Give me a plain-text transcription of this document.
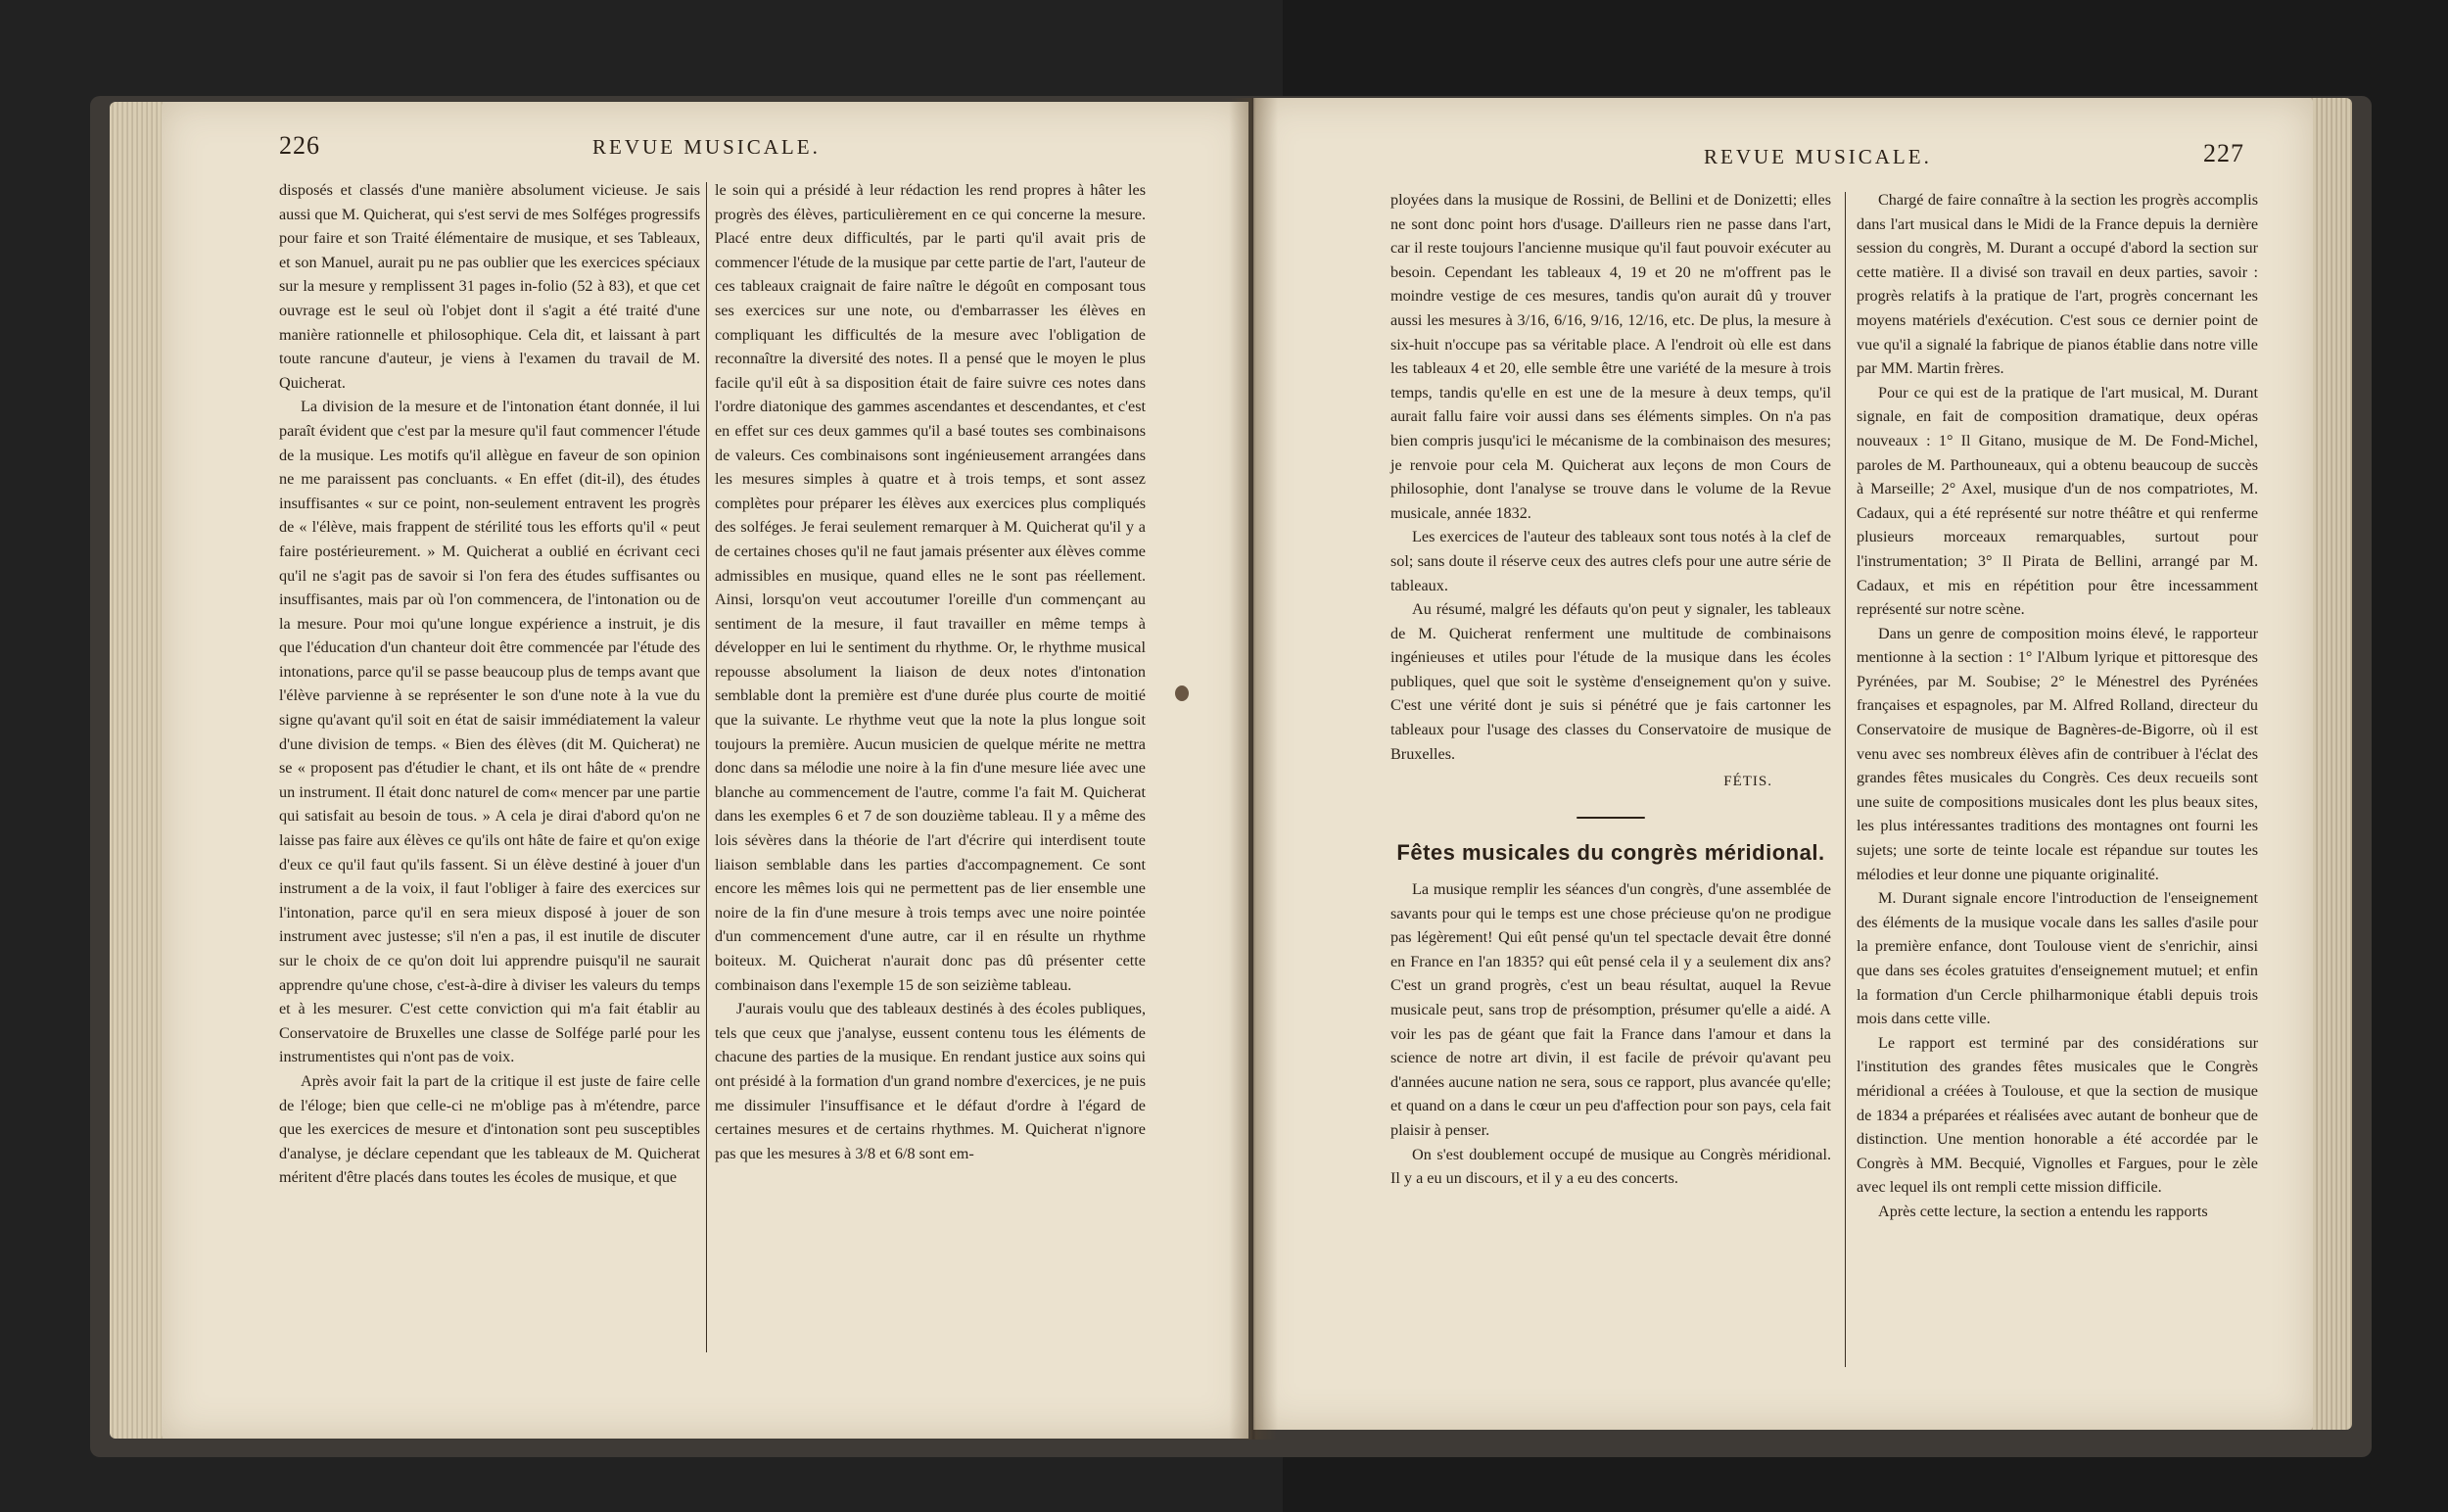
226	REVUE MUSICALE.

disposés et classés d'une manière absolument vicieuse. Je sais aussi que M. Quicherat, qui s'est servi de mes Solféges progressifs pour faire et son Traité élémentaire de musique, et ses Tableaux, et son Manuel, aurait pu ne pas oublier que les exercices spéciaux sur la mesure y remplissent 31 pages in-folio (52 à 83), et que cet ouvrage est le seul où l'objet dont il s'agit a été traité d'une manière rationnelle et philosophique. Cela dit, et laissant à part toute rancune d'auteur, je viens à l'examen du travail de M. Quicherat.

La division de la mesure et de l'intonation étant donnée, il lui paraît évident que c'est par la mesure qu'il faut commencer l'étude de la musique. Les motifs qu'il allègue en faveur de son opinion ne me paraissent pas concluants. « En effet (dit-il), des études insuffisantes « sur ce point, non-seulement entravent les progrès de « l'élève, mais frappent de stérilité tous les efforts qu'il « peut faire postérieurement. » M. Quicherat a oublié en écrivant ceci qu'il ne s'agit pas de savoir si l'on fera des études suffisantes ou insuffisantes, mais par où l'on commencera, de l'intonation ou de la mesure. Pour moi qu'une longue expérience a instruit, je dis que l'éducation d'un chanteur doit être commencée par l'étude des intonations, parce qu'il se passe beaucoup plus de temps avant que l'élève parvienne à se représenter le son d'une note à la vue du signe qu'avant qu'il soit en état de saisir immédiatement la valeur d'une division de temps. « Bien des élèves (dit M. Quicherat) ne se « proposent pas d'étudier le chant, et ils ont hâte de « prendre un instrument. Il était donc naturel de com« mencer par une partie qui satisfait au besoin de tous. » A cela je dirai d'abord qu'on ne laisse pas faire aux élèves ce qu'ils ont hâte de faire et qu'on exige d'eux ce qu'il faut qu'ils fassent. Si un élève destiné à jouer d'un instrument a de la voix, il faut l'obliger à faire des exercices sur l'intonation, parce qu'il en sera mieux disposé à jouer de son instrument avec justesse; s'il n'en a pas, il est inutile de discuter sur le choix de ce qu'on doit lui apprendre puisqu'il ne saurait apprendre qu'une chose, c'est-à-dire à diviser les valeurs du temps et à les mesurer. C'est cette conviction qui m'a fait établir au Conservatoire de Bruxelles une classe de Solfége parlé pour les instrumentistes qui n'ont pas de voix.

Après avoir fait la part de la critique il est juste de faire celle de l'éloge; bien que celle-ci ne m'oblige pas à m'étendre, parce que les exercices de mesure et d'intonation sont peu susceptibles d'analyse, je déclare cependant que les tableaux de M. Quicherat méritent d'être placés dans toutes les écoles de musique, et que

le soin qui a présidé à leur rédaction les rend propres à hâter les progrès des élèves, particulièrement en ce qui concerne la mesure. Placé entre deux difficultés, par le parti qu'il avait pris de commencer l'étude de la musique par cette partie de l'art, l'auteur de ces tableaux craignait de faire naître le dégoût en composant tous ses exercices sur une note, ou d'embarrasser les élèves en compliquant les difficultés de la mesure avec l'obligation de reconnaître la diversité des notes. Il a pensé que le moyen le plus facile qu'il eût à sa disposition était de faire suivre ces notes dans l'ordre diatonique des gammes ascendantes et descendantes, et c'est en effet sur ces deux gammes qu'il a basé toutes ses combinaisons de valeurs. Ces combinaisons sont ingénieusement arrangées dans les mesures simples à quatre et à trois temps, et sont assez complètes pour préparer les élèves aux exercices plus compliqués des solféges. Je ferai seulement remarquer à M. Quicherat qu'il y a de certaines choses qu'il ne faut jamais présenter aux élèves comme admissibles en musique, quand elles ne le sont pas réellement. Ainsi, lorsqu'on veut accoutumer l'oreille d'un commençant au sentiment de la mesure, il faut travailler en même temps à développer en lui le sentiment du rhythme. Or, le rhythme musical repousse absolument la liaison de deux notes d'intonation semblable dont la première est d'une durée plus courte de moitié que la suivante. Le rhythme veut que la note la plus longue soit toujours la première. Aucun musicien de quelque mérite ne mettra donc dans sa mélodie une noire à la fin d'une mesure liée avec une blanche au commencement de l'autre, comme l'a fait M. Quicherat dans les exemples 6 et 7 de son douzième tableau. Il y a même des lois sévères dans la théorie de l'art d'écrire qui interdisent toute liaison semblable dans les parties d'accompagnement. Ce sont encore les mêmes lois qui ne permettent pas de lier ensemble une noire de la fin d'une mesure à trois temps avec une noire pointée d'un commencement d'une autre, car il en résulte un rhythme boiteux. M. Quicherat n'aurait donc pas dû présenter cette combinaison dans l'exemple 15 de son seizième tableau.

J'aurais voulu que des tableaux destinés à des écoles publiques, tels que ceux que j'analyse, eussent contenu tous les éléments de chacune des parties de la musique. En rendant justice aux soins qui ont présidé à la formation d'un grand nombre d'exercices, je ne puis me dissimuler l'insuffisance et le défaut d'ordre à l'égard de certaines mesures et de certains rhythmes. M. Quicherat n'ignore pas que les mesures à 3/8 et 6/8 sont em-

REVUE MUSICALE.	227

ployées dans la musique de Rossini, de Bellini et de Donizetti; elles ne sont donc point hors d'usage. D'ailleurs rien ne passe dans l'art, car il reste toujours l'ancienne musique qu'il faut pouvoir exécuter au besoin. Cependant les tableaux 4, 19 et 20 ne m'offrent pas le moindre vestige de ces mesures, tandis qu'on aurait dû y trouver aussi les mesures à 3/16, 6/16, 9/16, 12/16, etc. De plus, la mesure à six-huit n'occupe pas sa véritable place. A l'endroit où elle est dans les tableaux 4 et 20, elle semble être une variété de la mesure à trois temps, tandis qu'elle en est une de la mesure à deux temps, qu'il aurait fallu faire voir aussi dans ses éléments simples. On n'a pas bien compris jusqu'ici le mécanisme de la combinaison des mesures; je renvoie pour cela M. Quicherat aux leçons de mon Cours de philosophie, dont l'analyse se trouve dans le volume de la Revue musicale, année 1832.

Les exercices de l'auteur des tableaux sont tous notés à la clef de sol; sans doute il réserve ceux des autres clefs pour une autre série de tableaux.

Au résumé, malgré les défauts qu'on peut y signaler, les tableaux de M. Quicherat renferment une multitude de combinaisons ingénieuses et utiles pour l'étude de la musique dans les écoles publiques, quel que soit le système d'enseignement qu'on y suive. C'est une vérité dont je suis si pénétré que je fais cartonner les tableaux pour l'usage des classes du Conservatoire de musique de Bruxelles.

FÉTIS.
Fêtes musicales du congrès méridional.

La musique remplir les séances d'un congrès, d'une assemblée de savants pour qui le temps est une chose précieuse qu'on ne prodigue pas légèrement! Qui eût pensé qu'un tel spectacle devait être donné en France en l'an 1835? qui eût pensé cela il y a seulement dix ans? C'est un grand progrès, c'est un beau résultat, auquel la Revue musicale peut, sans trop de présomption, présumer qu'elle a aidé. A voir les pas de géant que fait la France dans l'amour et dans la science de notre art divin, il est facile de prévoir qu'avant peu d'années aucune nation ne sera, sous ce rapport, plus avancée qu'elle; et quand on a dans le cœur un peu d'affection pour son pays, cela fait plaisir à penser.

On s'est doublement occupé de musique au Congrès méridional. Il y a eu un discours, et il y a eu des concerts.

Chargé de faire connaître à la section les progrès accomplis dans l'art musical dans le Midi de la France depuis la dernière session du congrès, M. Durant a occupé d'abord la section sur cette matière. Il a divisé son travail en deux parties, savoir : progrès relatifs à la pratique de l'art, progrès concernant les moyens matériels d'exécution. C'est sous ce dernier point de vue qu'il a signalé la fabrique de pianos établie dans notre ville par MM. Martin frères.

Pour ce qui est de la pratique de l'art musical, M. Durant signale, en fait de composition dramatique, deux opéras nouveaux : 1° Il Gitano, musique de M. De Fond-Michel, paroles de M. Parthouneaux, qui a obtenu beaucoup de succès à Marseille; 2° Axel, musique d'un de nos compatriotes, M. Cadaux, qui a été représenté sur notre théâtre et qui renferme plusieurs morceaux remarquables, surtout pour l'instrumentation; 3° Il Pirata de Bellini, arrangé par M. Cadaux, et mis en répétition pour être incessamment représenté sur notre scène.

Dans un genre de composition moins élevé, le rapporteur mentionne à la section : 1° l'Album lyrique et pittoresque des Pyrénées, par M. Soubise; 2° le Ménestrel des Pyrénées françaises et espagnoles, par M. Alfred Rolland, directeur du Conservatoire de musique de Bagnères-de-Bigorre, où il est venu avec ses nombreux élèves afin de contribuer à l'éclat des grandes fêtes musicales du Congrès. Ces deux recueils sont une suite de compositions musicales dont les plus beaux sites, les plus intéressantes traditions des montagnes ont fourni les sujets; une sorte de teinte locale est répandue sur toutes les mélodies et leur donne une piquante originalité.

M. Durant signale encore l'introduction de l'enseignement des éléments de la musique vocale dans les salles d'asile pour la première enfance, dont Toulouse vient de s'enrichir, ainsi que dans ses écoles gratuites d'enseignement mutuel; et enfin la formation d'un Cercle philharmonique établi depuis trois mois dans cette ville.

Le rapport est terminé par des considérations sur l'institution des grandes fêtes musicales que le Congrès méridional a créées à Toulouse, et que la section de musique de 1834 a préparées et réalisées avec autant de bonheur que de distinction. Une mention honorable a été accordée par le Congrès à MM. Becquié, Vignolles et Fargues, pour le zèle avec lequel ils ont rempli cette mission difficile.

Après cette lecture, la section a entendu les rapports
